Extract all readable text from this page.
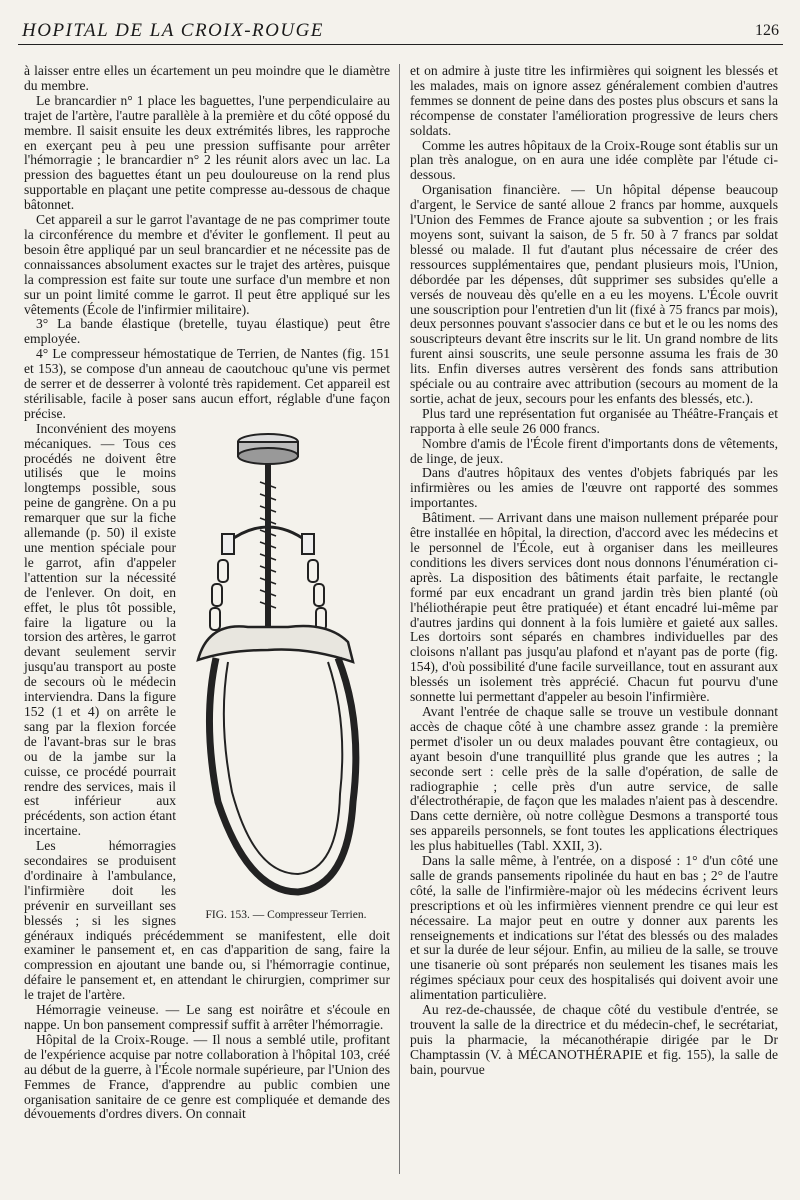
HOPITAL DE LA CROIX-ROUGE	126

à laisser entre elles un écartement un peu moindre que le diamètre du membre.

Le brancardier n° 1 place les baguettes, l'une perpendiculaire au trajet de l'artère, l'autre parallèle à la première et du côté opposé du membre. Il saisit ensuite les deux extrémités libres, les rapproche en exerçant peu à peu une pression suffisante pour arrêter l'hémorragie ; le brancardier n° 2 les réunit alors avec un lac. La pression des baguettes étant un peu douloureuse on la rend plus supportable en plaçant une petite compresse au-dessous de chaque bâtonnet.

Cet appareil a sur le garrot l'avantage de ne pas comprimer toute la circonférence du membre et d'éviter le gonflement. Il peut au besoin être appliqué par un seul brancardier et ne nécessite pas de connaissances absolument exactes sur le trajet des artères, puisque la compression est faite sur toute une surface d'un membre et non sur un point limité comme le garrot. Il peut être appliqué sur les vêtements (École de l'infirmier militaire).

3° La bande élastique (bretelle, tuyau élastique) peut être employée.

4° Le compresseur hémostatique de Terrien, de Nantes (fig. 151 et 153), se compose d'un anneau de caoutchouc qu'une vis permet de serrer et de desserrer à volonté très rapidement. Cet appareil est stérilisable, facile à poser sans aucun effort, réglable d'une façon précise.

FIG. 153. — Compresseur Terrien.

Inconvénient des moyens mécaniques. — Tous ces procédés ne doivent être utilisés que le moins longtemps possible, sous peine de gangrène. On a pu remarquer que sur la fiche allemande (p. 50) il existe une mention spéciale pour le garrot, afin d'appeler l'attention sur la nécessité de l'enlever. On doit, en effet, le plus tôt possible, faire la ligature ou la torsion des artères, le garrot devant seulement servir jusqu'au transport au poste de secours où le médecin interviendra. Dans la figure 152 (1 et 4) on arrête le sang par la flexion forcée de l'avant-bras sur le bras ou de la jambe sur la cuisse, ce procédé pourrait rendre des services, mais il est inférieur aux précédents, son action étant incertaine.

Les hémorragies secondaires se produisent d'ordinaire à l'ambulance, l'infirmière doit les prévenir en surveillant ses blessés ; si les signes généraux indiqués précédemment se manifestent, elle doit examiner le pansement et, en cas d'apparition de sang, faire la compression en ajoutant une bande ou, si l'hémorragie continue, défaire le pansement et, en attendant le chirurgien, comprimer sur le trajet de l'artère.

Hémorragie veineuse. — Le sang est noirâtre et s'écoule en nappe. Un bon pansement compressif suffit à arrêter l'hémorragie.

Hôpital de la Croix-Rouge. — Il nous a semblé utile, profitant de l'expérience acquise par notre collaboration à l'hôpital 103, créé au début de la guerre, à l'École normale supérieure, par l'Union des Femmes de France, d'apprendre au public combien une organisation sanitaire de ce genre est compliquée et demande des dévouements d'ordres divers. On connait

et on admire à juste titre les infirmières qui soignent les blessés et les malades, mais on ignore assez généralement combien d'autres femmes se donnent de peine dans des postes plus obscurs et sans la récompense de constater l'amélioration progressive de leurs chers soldats.

Comme les autres hôpitaux de la Croix-Rouge sont établis sur un plan très analogue, on en aura une idée complète par l'étude ci-dessous.

Organisation financière. — Un hôpital dépense beaucoup d'argent, le Service de santé alloue 2 francs par homme, auxquels l'Union des Femmes de France ajoute sa subvention ; or les frais moyens sont, suivant la saison, de 5 fr. 50 à 7 francs par soldat blessé ou malade. Il fut d'autant plus nécessaire de créer des ressources supplémentaires que, pendant plusieurs mois, l'Union, débordée par les dépenses, dût supprimer ses subsides qu'elle a versés de nouveau dès qu'elle en a eu les moyens. L'École ouvrit une souscription pour l'entretien d'un lit (fixé à 75 francs par mois), deux personnes pouvant s'associer dans ce but et le ou les noms des souscripteurs devant être inscrits sur le lit. Un grand nombre de lits furent ainsi souscrits, une seule personne assuma les frais de 30 lits. Enfin diverses autres versèrent des fonds sans attribution spéciale ou au contraire avec attribution (secours au moment de la sortie, achat de jeux, secours pour les enfants des blessés, etc.).

Plus tard une représentation fut organisée au Théâtre-Français et rapporta à elle seule 26 000 francs.

Nombre d'amis de l'École firent d'importants dons de vêtements, de linge, de jeux.

Dans d'autres hôpitaux des ventes d'objets fabriqués par les infirmières ou les amies de l'œuvre ont rapporté des sommes importantes.

Bâtiment. — Arrivant dans une maison nullement préparée pour être installée en hôpital, la direction, d'accord avec les médecins et le personnel de l'École, eut à organiser dans les meilleures conditions les divers services dont nous donnons l'énumération ci-après. La disposition des bâtiments était parfaite, le rectangle formé par eux encadrant un grand jardin très bien planté (où l'héliothérapie peut être pratiquée) et étant encadré lui-même par d'autres jardins qui donnent à la fois lumière et gaieté aux salles. Les dortoirs sont séparés en chambres individuelles par des cloisons n'allant pas jusqu'au plafond et n'ayant pas de porte (fig. 154), d'où possibilité d'une facile surveillance, tout en assurant aux blessés un isolement très apprécié. Chacun fut pourvu d'une sonnette lui permettant d'appeler au besoin l'infirmière.

Avant l'entrée de chaque salle se trouve un vestibule donnant accès de chaque côté à une chambre assez grande : la première permet d'isoler un ou deux malades pouvant être contagieux, ou ayant besoin d'une tranquillité plus grande que les autres ; la seconde sert : celle près de la salle d'opération, de salle de radiographie ; celle près d'un autre service, de salle d'électrothérapie, de façon que les malades n'aient pas à descendre. Dans cette dernière, où notre collègue Desmons a transporté tous ses appareils personnels, se font toutes les applications électriques les plus habituelles (Tabl. XXII, 3).

Dans la salle même, à l'entrée, on a disposé : 1° d'un côté une salle de grands pansements ripolinée du haut en bas ; 2° de l'autre côté, la salle de l'infirmière-major où les médecins écrivent leurs prescriptions et où les infirmières viennent prendre ce qui leur est nécessaire. La major peut en outre y donner aux parents les renseignements et indications sur l'état des blessés ou des malades et sur la durée de leur séjour. Enfin, au milieu de la salle, se trouve une tisanerie où sont préparés non seulement les tisanes mais les régimes spéciaux pour ceux des hospitalisés qui doivent avoir une alimentation particulière.

Au rez-de-chaussée, de chaque côté du vestibule d'entrée, se trouvent la salle de la directrice et du médecin-chef, le secrétariat, puis la pharmacie, la mécanothérapie dirigée par le Dr Champtassin (V. à MÉCANOTHÉRAPIE et fig. 155), la salle de bain, pourvue
